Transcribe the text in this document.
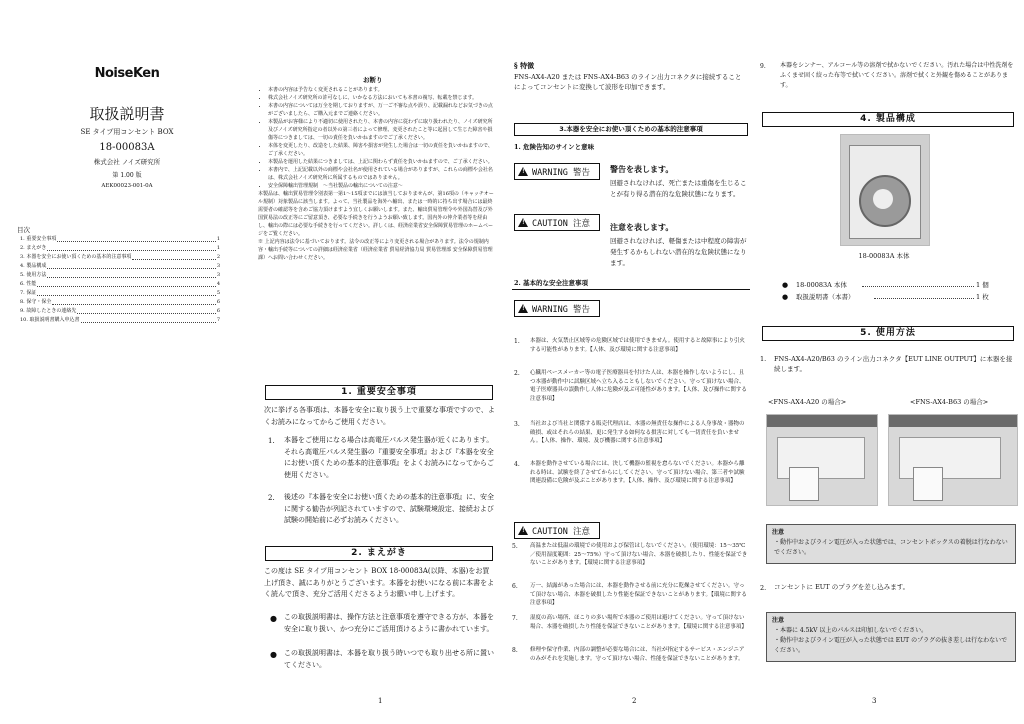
NoiseKen
取扱説明書
SE タイプ用コンセント BOX
18-00083A
株式会社 ノイズ研究所
第 1.00 版
AEK00023-001-0A
目次
1. 重要安全事項	1
2. まえがき	1
3. 本器を安全にお使い頂くための基本的注意事項	2
4. 製品構成	3
5. 使用方法	3
6. 性能	4
7. 保証	5
8. 保守・保全	6
9. 故障したときの連絡先	6
10. 取扱説明書購入申込書	7
お断り
• 本書の内容は予告なく変更されることがあります。
• 株式会社ノイズ研究所の許可なしに、いかなる方法においても本書の複写、転載を禁じます。
• 本書の内容については万全を期しておりますが、万一ご不審な点や誤り、記載漏れなどお気づきの点がございましたら、ご購入元までご連絡ください。
• 本製品がお客様により不適切に使用されたり、本書の内容に従わずに取り扱われたり、ノイズ研究所及びノイズ研究所指定の者以外の第三者によって修理、変更されたこと等に起因して生じた障害や損傷等につきましては、一切の責任を負いかねますのでご了承ください。
• 本体を変更したり、改造をした結果、障害や損害が発生した場合は一切の責任を負いかねますので、ご了承ください。
• 本製品を運用した結果につきましては、上記に関わらず責任を負いかねますので、ご了承ください。
• 本書内で、上記記載以外の商標や会社名が使用されている場合がありますが、これらの商標や会社名は、株式会社ノイズ研究所に所属するものではありません。
• 安全保障輸出管理規制　～当社製品の輸出についての注意～
本製品は、輸出貿易管理令別表第一第1～15項までには該当しておりませんが、第16項の（キャッチオール規制）対象製品に該当します。よって、当社製品を海外へ輸出、または一時的に持ち出す場合には最終需要者の確認等を含めご協力頂けますよう宜しくお願いします。また、輸出貿易管理令や外国為替及び外国貿易法の改正等にご留意頂き、必要な手続きを行うようお願い致します。国内外の仲介業者等を経由し、輸出の際には必要な手続きを行ってください。詳しくは、経済産業省安全保障貿易管理のホームページをご覧ください。
※ 上記内容は法令に基づいております。法令の改正等により変更される場合があります。法令の規制内容・輸出手続等についての詳細は経済産業省（経済産業省 貿易経済協力局 貿易管理部 安全保障貿易管理課）へお問い合わせください。
1. 重要安全事項
次に挙げる各事項は、本器を安全に取り扱う上で重要な事項ですので、よくお読みになってからご使用ください。
1. 本器をご使用になる場合は高電圧パルス発生器が近くにあります。それら高電圧パルス発生器の『重要安全事項』および『本器を安全にお使い頂くための基本的注意事項』をよくお読みになってからご使用ください。
2. 後述の『本器を安全にお使い頂くための基本的注意事項』に、安全に関する勧告が列記されていますので、試験環境設定、接続および試験の開始前に必ずお読みください。
2. まえがき
この度は SE タイプ用コンセント BOX 18-00083A(以降、本器)をお買上げ頂き、誠にありがとうございます。本器をお使いになる前に本書をよく読んで頂き、充分ご活用くださるようお願い申し上げます。
● この取扱説明書は、操作方法と注意事項を遵守できる方が、本器を安全に取り扱い、かつ充分にご活用頂けるように書かれています。
● この取扱説明書は、本器を取り扱う時いつでも取り出せる所に置いてください。
1
§ 特徴
FNS-AX4-A20 または FNS-AX4-B63 のライン出力コネクタに接続することによってコンセントに変換して波形を印加できます。
3.本器を安全にお使い頂くための基本的注意事項
1. 危険告知のサインと意味
!
WARNING 警告	警告を表します。
回避されなければ、死亡または重傷を生じることが有り得る潜在的な危険状態になります。
!
CAUTION 注意	注意を表します。
回避されなければ、軽傷または中程度の障害が発生するかもしれない潜在的な危険状態になります。
2. 基本的な安全注意事項
!
WARNING 警告
1. 本器は、火気禁止区域等の危険区域では使用できません。使用すると故障事により引火する可能性があります。【人体、及び環境に関する注意事項】
2. 心臓用ペースメーカー等の電子医療器具を付けた人は、本器を操作しないようにし、且つ本器が動作中に試験区域へ立ち入ることもしないでください。守って頂けない場合、電子医療器具の誤動作し人体に危険が及ぶ可能性があります。【人体、及び操作に関する注意事項】
3. 当社および当社と関係する販売代理店は、本器の無責任な操作による人身事故・器物の破損、或はそれらの結果、更に発生する如何なる損害に対しても一切責任を負いません。【人体、操作、環境、及び機器に関する注意事項】
4. 本器を動作させている場合には、決して機器の監視を怠らないでください。本器から離れる時は、試験を終了させてからにしてください。守って頂けない場合、第三者や試験関連設備に危険が及ぶことがあります。【人体、操作、及び環境に関する注意事項】
!
CAUTION 注意
5. 高温または低温の環境での使用および保管はしないでください。（使用環境：15～35℃／使用湿度範囲：25～75%）守って頂けない場合、本器を破損したり、性能を保証できないことがあります。【環境に関する注意事項】
6. 万一、結露があった場合には、本器を動作させる前に充分に乾燥させてください。守って頂けない場合、本器を破損したり性能を保証できないことがあります。【環境に関する注意事項】
7. 湿度の高い場所、ほこりの多い場所で本器のご使用は避けてください。守って頂けない場合、本器を破損したり性能を保証できないことがあります。【環境に関する注意事項】
8. 修理や保守作業、内部の調整が必要な場合には、当社が指定するサービス・エンジニアのみがそれを実施します。守って頂けない場合、性能を保証できないことがあります。
2
9. 本器をシンナー、アルコール等の溶剤で拭かないでください。汚れた場合は中性洗剤をふくませ固く絞った布等で拭いてください。溶剤で拭くと外観を傷めることがあります。
4. 製品構成
18-00083A 本体
● 18-00083A 本体	1 個
● 取扱説明書（本書）	1 枚
5. 使用方法
1. FNS-AX4-A20/B63 のライン出力コネクタ【EUT LINE OUTPUT】に本器を接続します。
<FNS-AX4-A20 の場合>	<FNS-AX4-B63 の場合>
注意
・動作中およびライン電圧が入った状態では、コンセントボックスの着脱は行なわないでください。
2. コンセントに EUT のプラグを差し込みます。
注意
・本器に 4.5kV 以上のパルスは印加しないでください。
・動作中およびライン電圧が入った状態では EUT のプラグの抜き差しは行なわないでください。
3
